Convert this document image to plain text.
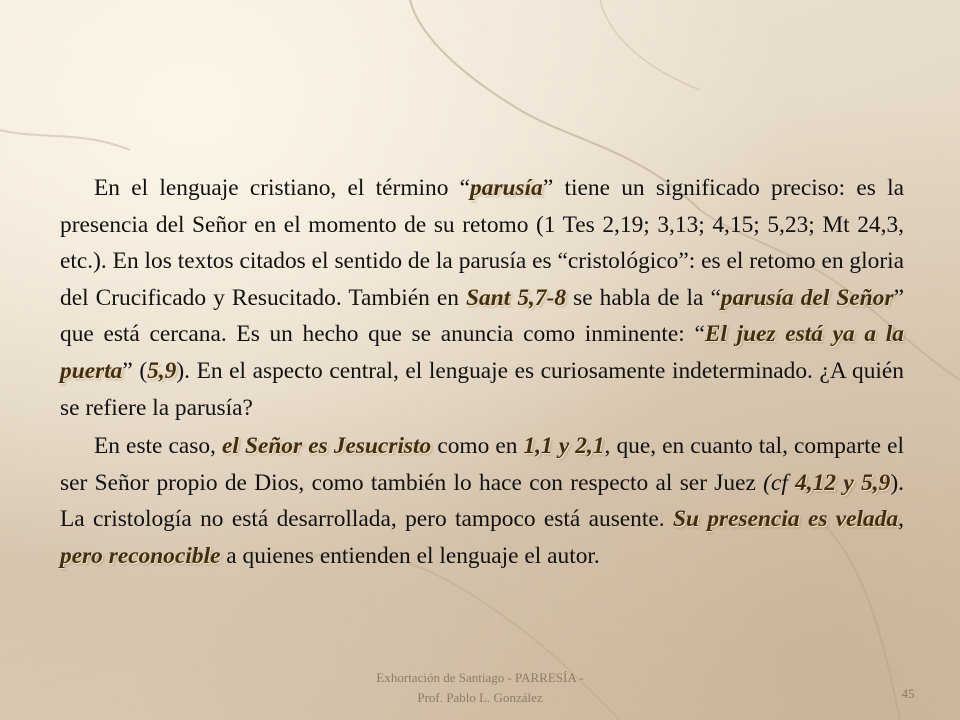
En el lenguaje cristiano, el término “parusía” tiene un significado preciso: es la presencia del Señor en el momento de su retomo (1 Tes 2,19; 3,13; 4,15; 5,23; Mt 24,3, etc.). En los textos citados el sentido de la parusía es “cristológico”: es el retomo en gloria del Crucificado y Resucitado. También en Sant 5,7-8 se habla de la “parusía del Señor” que está cercana. Es un hecho que se anuncia como inminente: “El juez está ya a la puerta” (5,9). En el aspecto central, el lenguaje es curiosamente indeterminado. ¿A quién se refiere la parusía?

En este caso, el Señor es Jesucristo como en 1,1 y 2,1, que, en cuanto tal, comparte el ser Señor propio de Dios, como también lo hace con respecto al ser Juez (cf 4,12 y 5,9). La cristología no está desarrollada, pero tampoco está ausente. Su presencia es velada, pero reconocible a quienes entienden el lenguaje el autor.

Exhortación de Santiago - PARRESÍA -
Prof. Pablo L. González	45
